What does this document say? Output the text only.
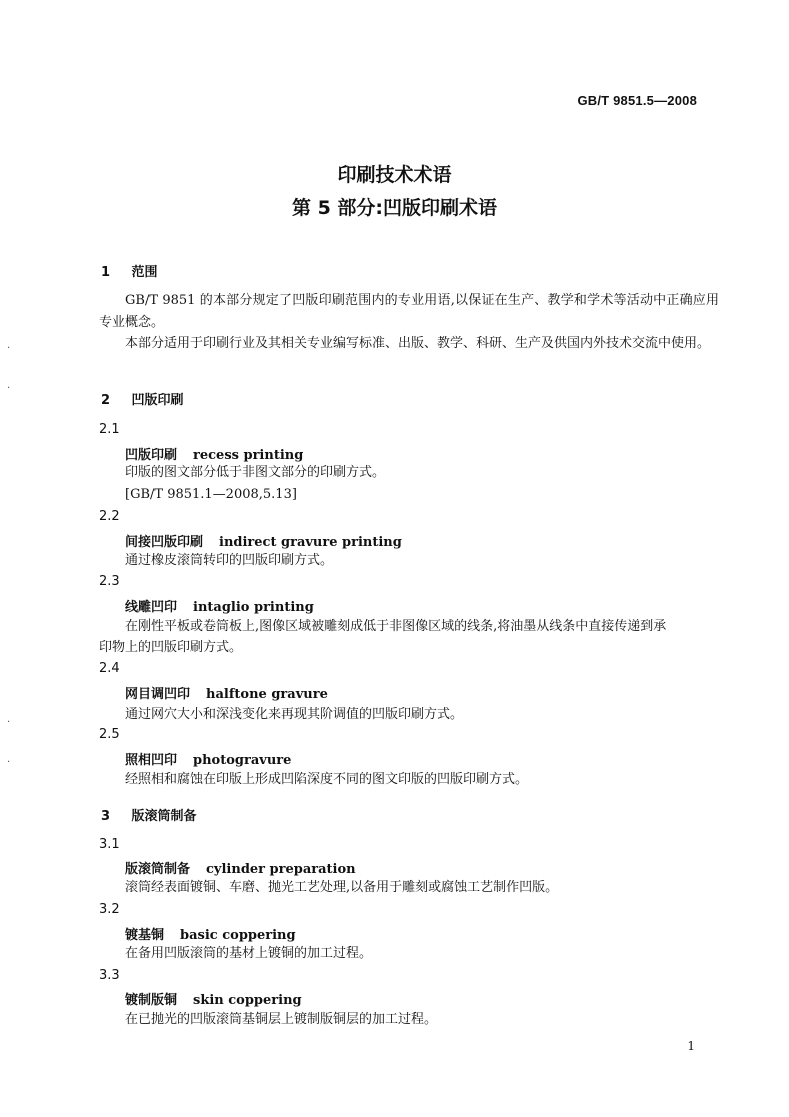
GB/T 9851.5—2008
印刷技术术语
第 5 部分:凹版印刷术语
1 范围
GB/T 9851 的本部分规定了凹版印刷范围内的专业用语,以保证在生产、教学和学术等活动中正确应用专业概念。
本部分适用于印刷行业及其相关专业编写标准、出版、教学、科研、生产及供国内外技术交流中使用。
2 凹版印刷
2.1
凹版印刷 recess printing
印版的图文部分低于非图文部分的印刷方式。
[GB/T 9851.1—2008,5.13]
2.2
间接凹版印刷 indirect gravure printing
通过橡皮滚筒转印的凹版印刷方式。
2.3
线雕凹印 intaglio printing
在刚性平板或卷筒板上,图像区域被雕刻成低于非图像区域的线条,将油墨从线条中直接传递到承
印物上的凹版印刷方式。
2.4
网目调凹印 halftone gravure
通过网穴大小和深浅变化来再现其阶调值的凹版印刷方式。
2.5
照相凹印 photogravure
经照相和腐蚀在印版上形成凹陷深度不同的图文印版的凹版印刷方式。
3 版滚筒制备
3.1
版滚筒制备 cylinder preparation
滚筒经表面镀铜、车磨、抛光工艺处理,以备用于雕刻或腐蚀工艺制作凹版。
3.2
镀基铜 basic coppering
在备用凹版滚筒的基材上镀铜的加工过程。
3.3
镀制版铜 skin coppering
在已抛光的凹版滚筒基铜层上镀制版铜层的加工过程。
1
·
·
·
·
